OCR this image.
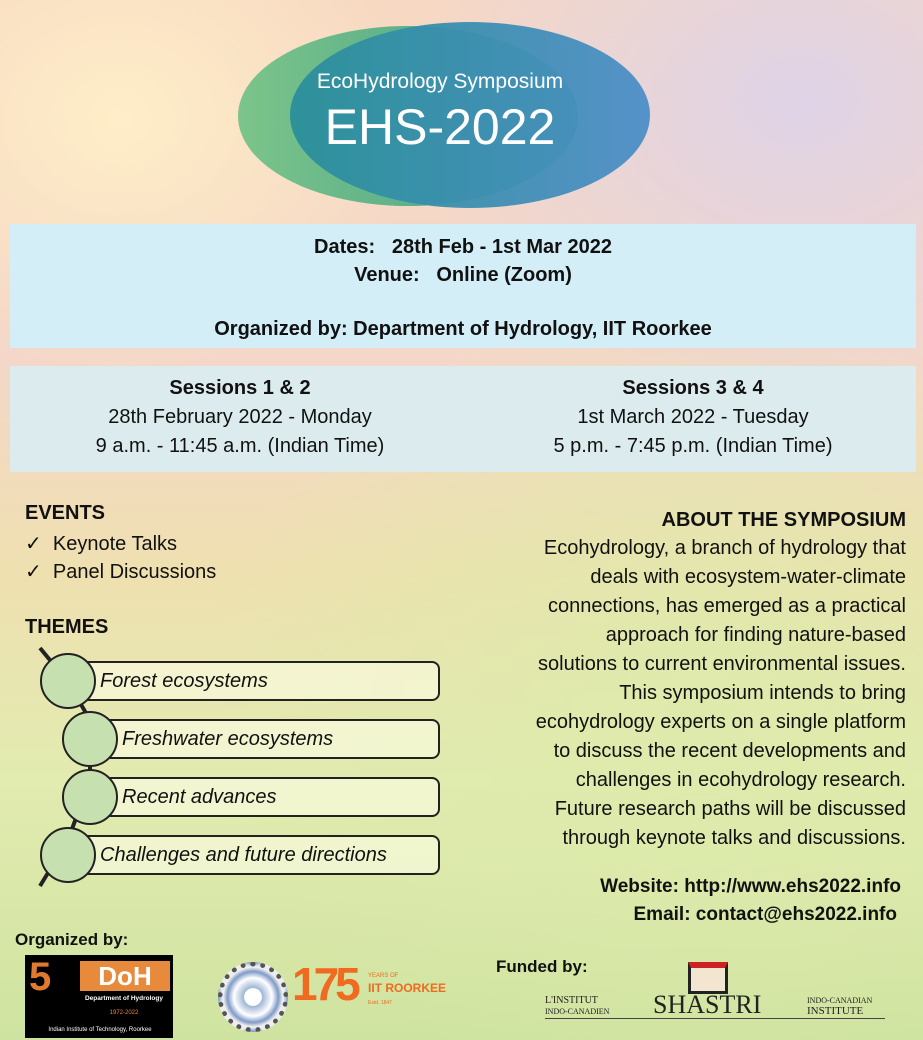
EcoHydrology Symposium
EHS-2022
Dates:   28th Feb - 1st Mar 2022
Venue:   Online (Zoom)
Organized by: Department of Hydrology, IIT Roorkee
Sessions 1 & 2
28th February 2022 - Monday
9 a.m. - 11:45 a.m. (Indian Time)
Sessions 3 & 4
1st March 2022 - Tuesday
5 p.m. - 7:45 p.m. (Indian Time)
EVENTS
✓ Keynote Talks
✓ Panel Discussions
THEMES
Forest ecosystems
Freshwater ecosystems
Recent advances
Challenges and future directions
ABOUT THE SYMPOSIUM

Ecohydrology, a branch of hydrology that

deals with ecosystem-water-climate

connections, has emerged as a practical

approach for finding nature-based

solutions to current environmental issues.

This symposium intends to bring

ecohydrology experts on a single platform

to discuss the recent developments and

challenges in ecohydrology research.

Future research paths will be discussed

through keynote talks and discussions.

Website: http://www.ehs2022.info
Email: contact@ehs2022.info
Organized by:
5	DoH
Department of Hydrology
1972-2022
Indian Institute of Technology, Roorkee
175 YEARS OF
IIT ROORKEE
Estd. 1847
Funded by:
L'INSTITUT
INDO-CANADIEN SHASTRI	INDO-CANADIAN
INSTITUTE
